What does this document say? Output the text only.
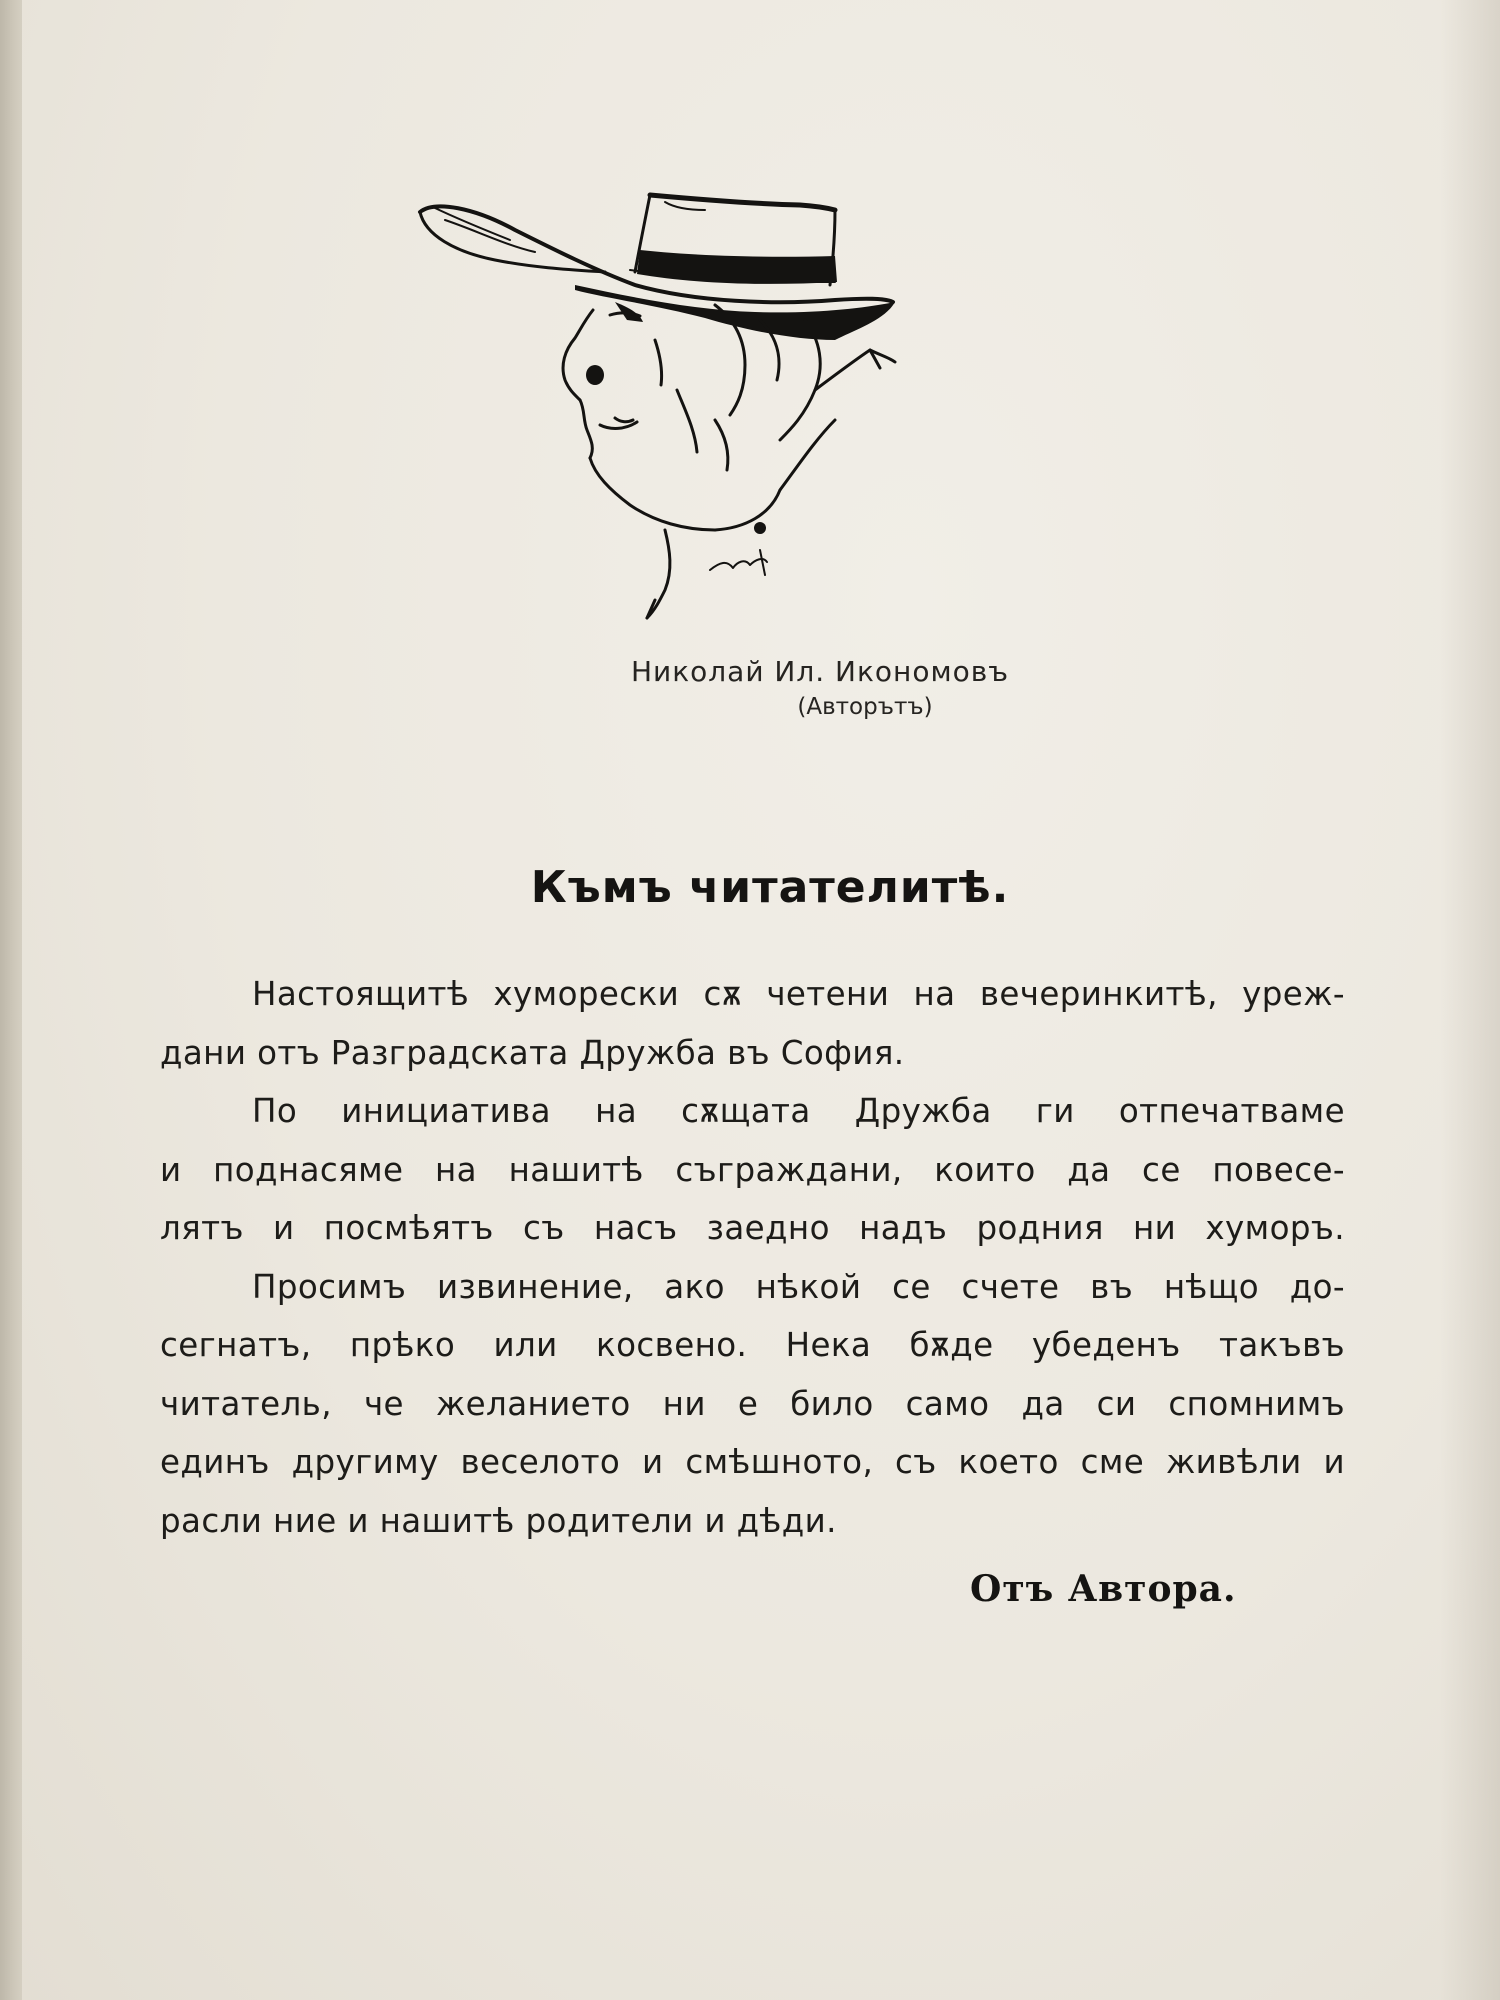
Николай Ил. Икономовъ
(Авторътъ)
Къмъ читателитѣ.

Настоящитѣ хуморески сѫ четени на вечеринкитѣ, уреж-
дани отъ Разградската Дружба въ София.

По инициатива на сѫщата Дружба ги отпечатваме
и поднасяме на нашитѣ съграждани, които да се повесе-
лятъ и посмѣятъ съ насъ заедно надъ родния ни хуморъ.

Просимъ извинение, ако нѣкой се счете въ нѣщо до-
сегнатъ, прѣко или косвено. Нека бѫде убеденъ такъвъ
читатель, че желанието ни е било само да си спомнимъ
единъ другиму веселото и смѣшното, съ което сме живѣли и
расли ние и нашитѣ родители и дѣди.

Отъ Автора.
